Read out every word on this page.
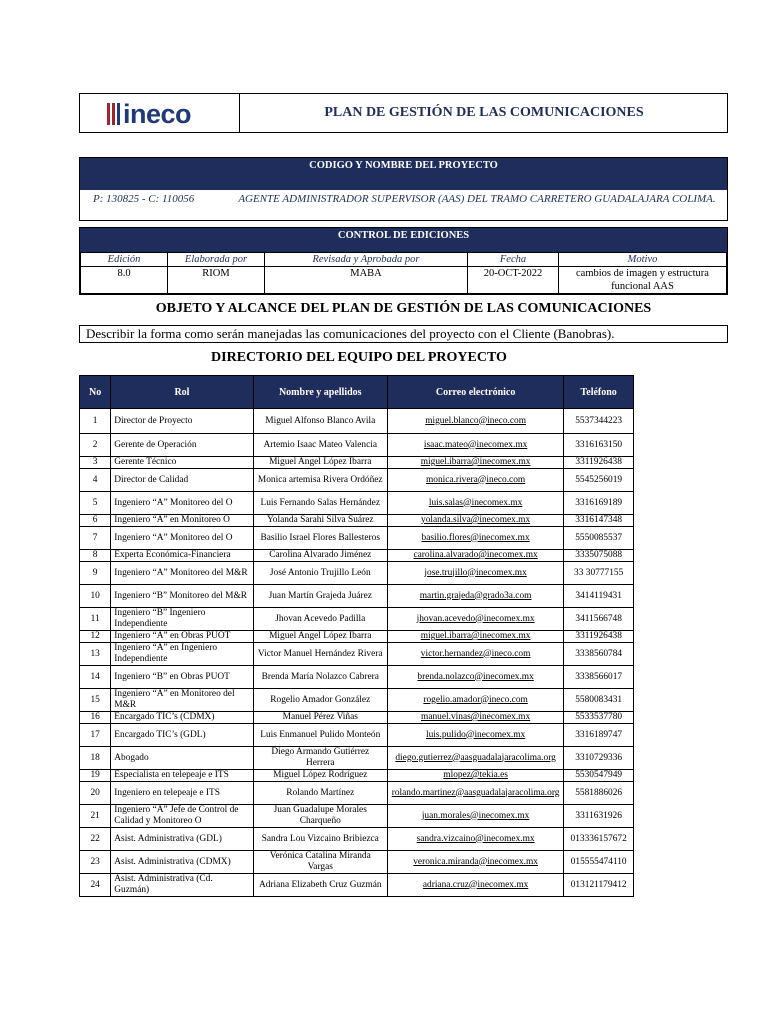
ineco	PLAN DE GESTIÓN DE LAS COMUNICACIONES
CODIGO Y NOMBRE DEL PROYECTO
P: 130825 - C: 110056	AGENTE ADMINISTRADOR SUPERVISOR (AAS) DEL TRAMO CARRETERO GUADALAJARA COLIMA.
CONTROL DE EDICIONES
Edición	Elaborada por	Revisada y Aprobada por	Fecha	Motivo
8.0	RIOM	MABA	20-OCT-2022	cambios de imagen y estructura funcional AAS
OBJETO Y ALCANCE DEL PLAN DE GESTIÓN DE LAS COMUNICACIONES
Describir la forma como serán manejadas las comunicaciones del proyecto con el Cliente (Banobras).
DIRECTORIO DEL EQUIPO DEL PROYECTO
No	Rol	Nombre y apellidos	Correo electrónico	Teléfono
1	Director de Proyecto	Miguel Alfonso Blanco Avila	miguel.blanco@ineco.com	5537344223
2	Gerente de Operación	Artemio Isaac Mateo Valencia	isaac.mateo@inecomex.mx	3316163150
3	Gerente Técnico	Miguel Angel López Ibarra	miguel.ibarra@inecomex.mx	3311926438
4	Director de Calidad	Monica artemisa Rivera Ordóñez	monica.rivera@ineco.com	5545256019
5	Ingeniero “A” Monitoreo del O	Luis Fernando Salas Hernández	luis.salas@inecomex.mx	3316169189
6	Ingeniero “A” en Monitoreo O	Yolanda Sarahi Silva Suárez	yolanda.silva@inecomex.mx	3316147348
7	Ingeniero “A” Monitoreo del O	Basilio Israel Flores Ballesteros	basilio.flores@inecomex.mx	5550085537
8	Experta Económica-Financiera	Carolina Alvarado Jiménez	carolina.alvarado@inecomex.mx	3335075088
9	Ingeniero “A” Monitoreo del M&R	José Antonio Trujillo León	jose.trujillo@inecomex.mx	33 30777155
10	Ingeniero “B” Monitoreo del M&R	Juan Martín Grajeda Juárez	martin.grajeda@grado3a.com	3414119431
11	Ingeniero “B” Ingeniero Independiente	Jhovan Acevedo Padilla	jhovan.acevedo@inecomex.mx	3411566748
12	Ingeniero “A” en Obras PUOT	Miguel Angel López Ibarra	miguel.ibarra@inecomex.mx	3311926438
13	Ingeniero “A” en Ingeniero Independiente	Victor Manuel Hernández Rivera	victor.hernandez@ineco.com	3338560784
14	Ingeniero “B” en Obras PUOT	Brenda María Nolazco Cabrera	brenda.nolazco@inecomex.mx	3338566017
15	Ingeniero “A” en Monitoreo del M&R	Rogelio Amador González	rogelio.amador@ineco.com	5580083431
16	Encargado TIC’s (CDMX)	Manuel Pérez Viñas	manuel.vinas@inecomex.mx	5533537780
17	Encargado TIC’s (GDL)	Luis Enmanuel Pulido Monteón	luis.pulido@inecomex.mx	3316189747
18	Abogado	Diego Armando Gutiérrez Herrera	diego.gutierrez@aasguadalajaracolima.org	3310729336
19	Especialista en telepeaje e ITS	Miguel López Rodríguez	mlopez@tekia.es	5530547949
20	Ingeniero en telepeaje e ITS	Rolando Martínez	rolando.martinez@aasguadalajaracolima.org	5581886026
21	Ingeniero “A” Jefe de Control de Calidad y Monitoreo O	Juan Guadalupe Morales Charqueño	juan.morales@inecomex.mx	3311631926
22	Asist. Administrativa (GDL)	Sandra Lou Vizcaino Bribiezca	sandra.vizcaino@inecomex.mx	013336157672
23	Asist. Administrativa (CDMX)	Verónica Catalina Miranda Vargas	veronica.miranda@inecomex.mx	015555474110
24	Asist. Administrativa (Cd. Guzmán)	Adriana Elizabeth Cruz Guzmán	adriana.cruz@inecomex.mx	013121179412
